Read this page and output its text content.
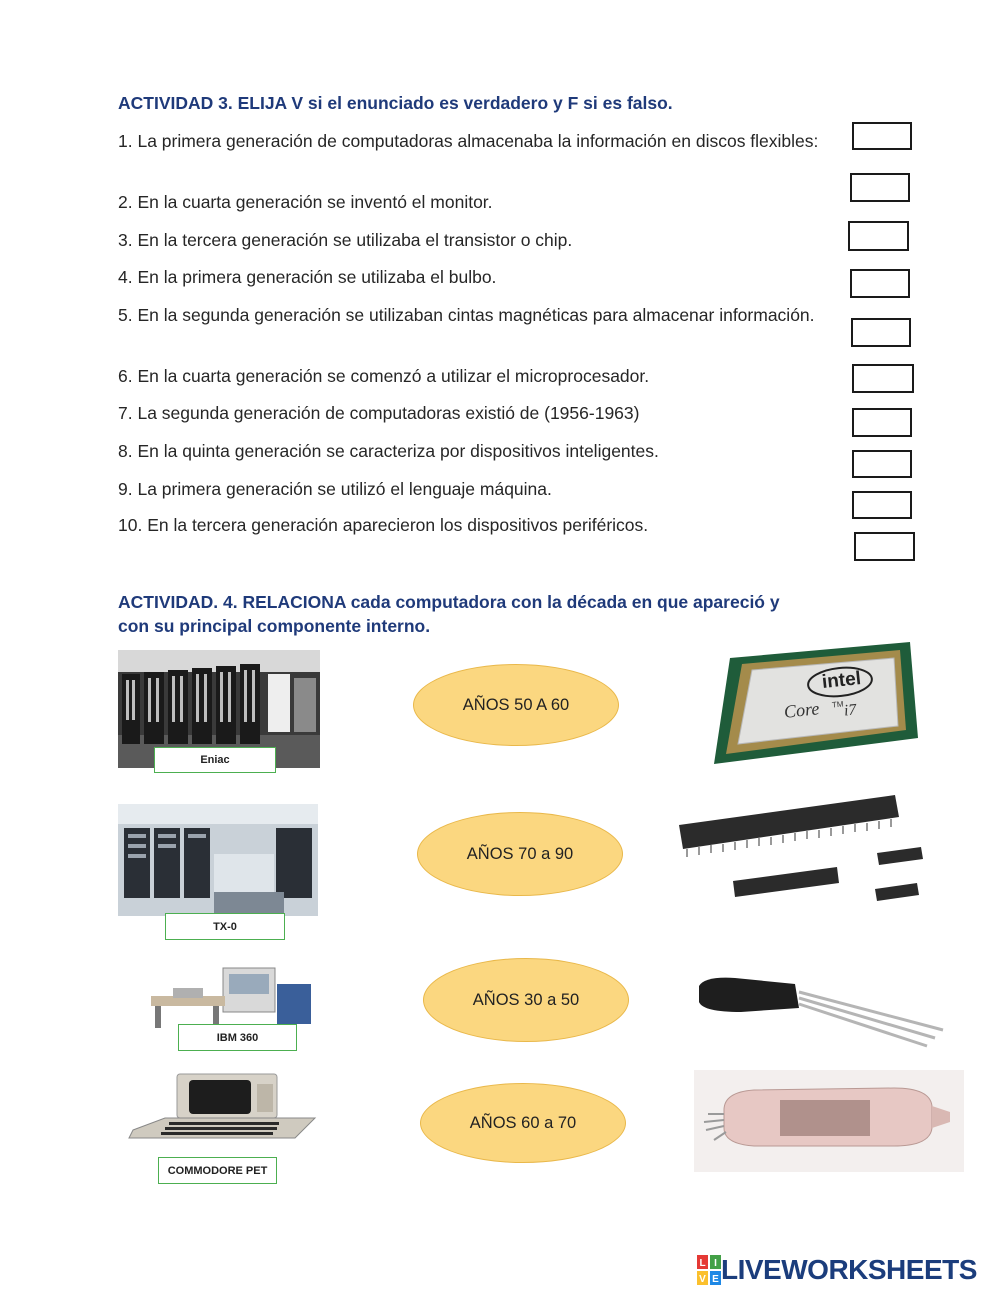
ACTIVIDAD 3. ELIJA V si el enunciado es verdadero y F si es falso.

1. La primera generación de computadoras almacenaba la información en discos flexibles:

2. En la cuarta generación se inventó el monitor.

3. En la tercera generación se utilizaba el transistor o chip.

4. En la primera generación se utilizaba el bulbo.

5. En la segunda generación se utilizaban cintas magnéticas para almacenar información.

6. En la cuarta generación se comenzó a utilizar el microprocesador.

7. La segunda generación de computadoras existió de (1956-1963)

8. En la quinta generación se caracteriza por dispositivos inteligentes.

9. La primera generación se utilizó el lenguaje máquina.

10. En la tercera generación aparecieron los dispositivos periféricos.

ACTIVIDAD. 4. RELACIONA cada computadora con la década en que apareció y

con su principal componente interno.

Eniac
TX-0
IBM 360
COMMODORE PET
AÑOS 50 A 60
AÑOS 70 a 90
AÑOS 30 a 50
AÑOS 60 a 70
intel
Core TM i7
L I
V E LIVEWORKSHEETS
